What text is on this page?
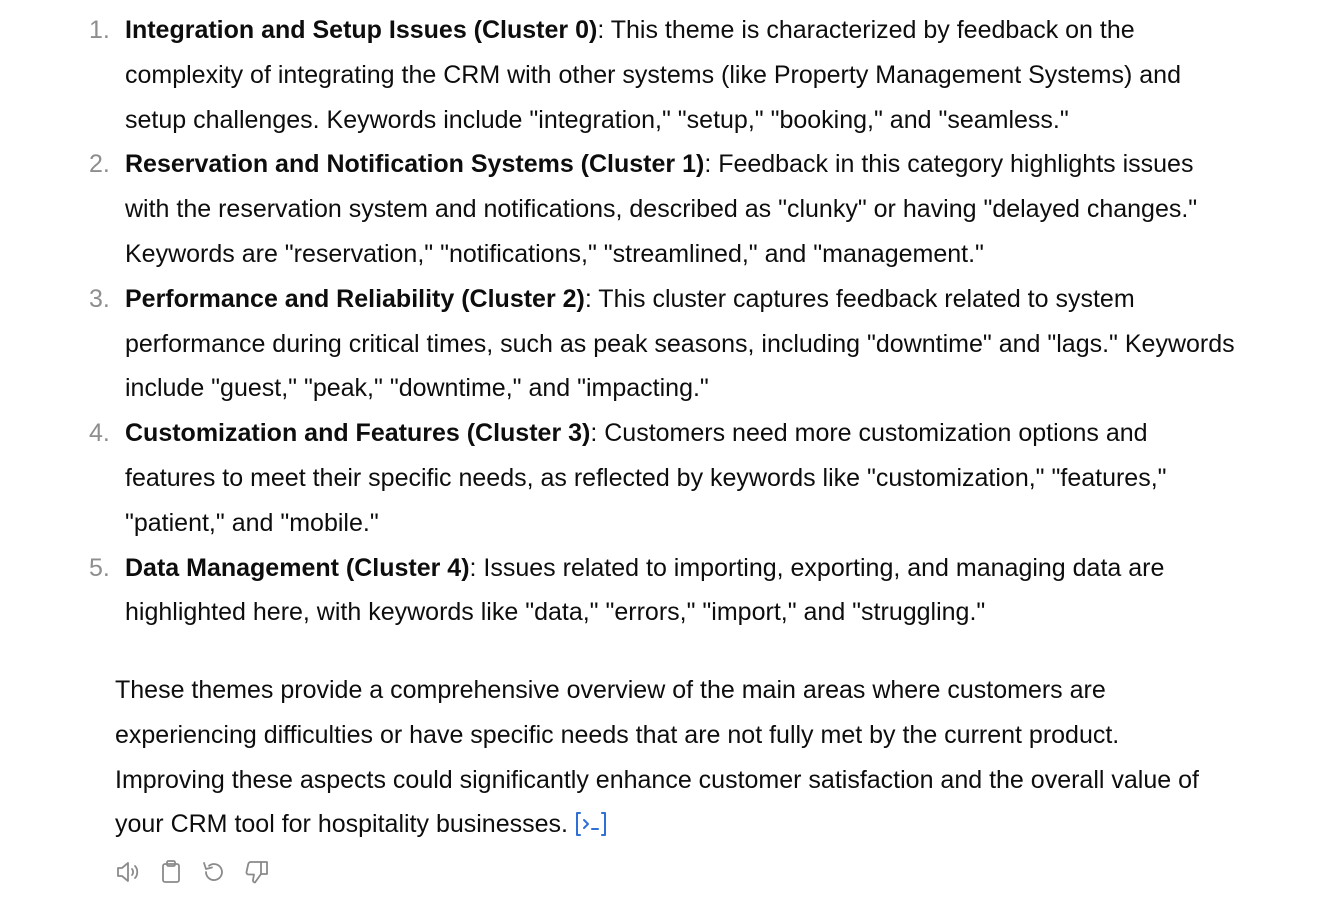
1. Integration and Setup Issues (Cluster 0): This theme is characterized by feedback on the complexity of integrating the CRM with other systems (like Property Management Systems) and setup challenges. Keywords include "integration," "setup," "booking," and "seamless."
2. Reservation and Notification Systems (Cluster 1): Feedback in this category highlights issues with the reservation system and notifications, described as "clunky" or having "delayed changes." Keywords are "reservation," "notifications," "streamlined," and "management."
3. Performance and Reliability (Cluster 2): This cluster captures feedback related to system performance during critical times, such as peak seasons, including "downtime" and "lags." Keywords include "guest," "peak," "downtime," and "impacting."
4. Customization and Features (Cluster 3): Customers need more customization options and features to meet their specific needs, as reflected by keywords like "customization," "features," "patient," and "mobile."
5. Data Management (Cluster 4): Issues related to importing, exporting, and managing data are highlighted here, with keywords like "data," "errors," "import," and "struggling."

These themes provide a comprehensive overview of the main areas where customers are experiencing difficulties or have specific needs that are not fully met by the current product. Improving these aspects could significantly enhance customer satisfaction and the overall value of your CRM tool for hospitality businesses.
